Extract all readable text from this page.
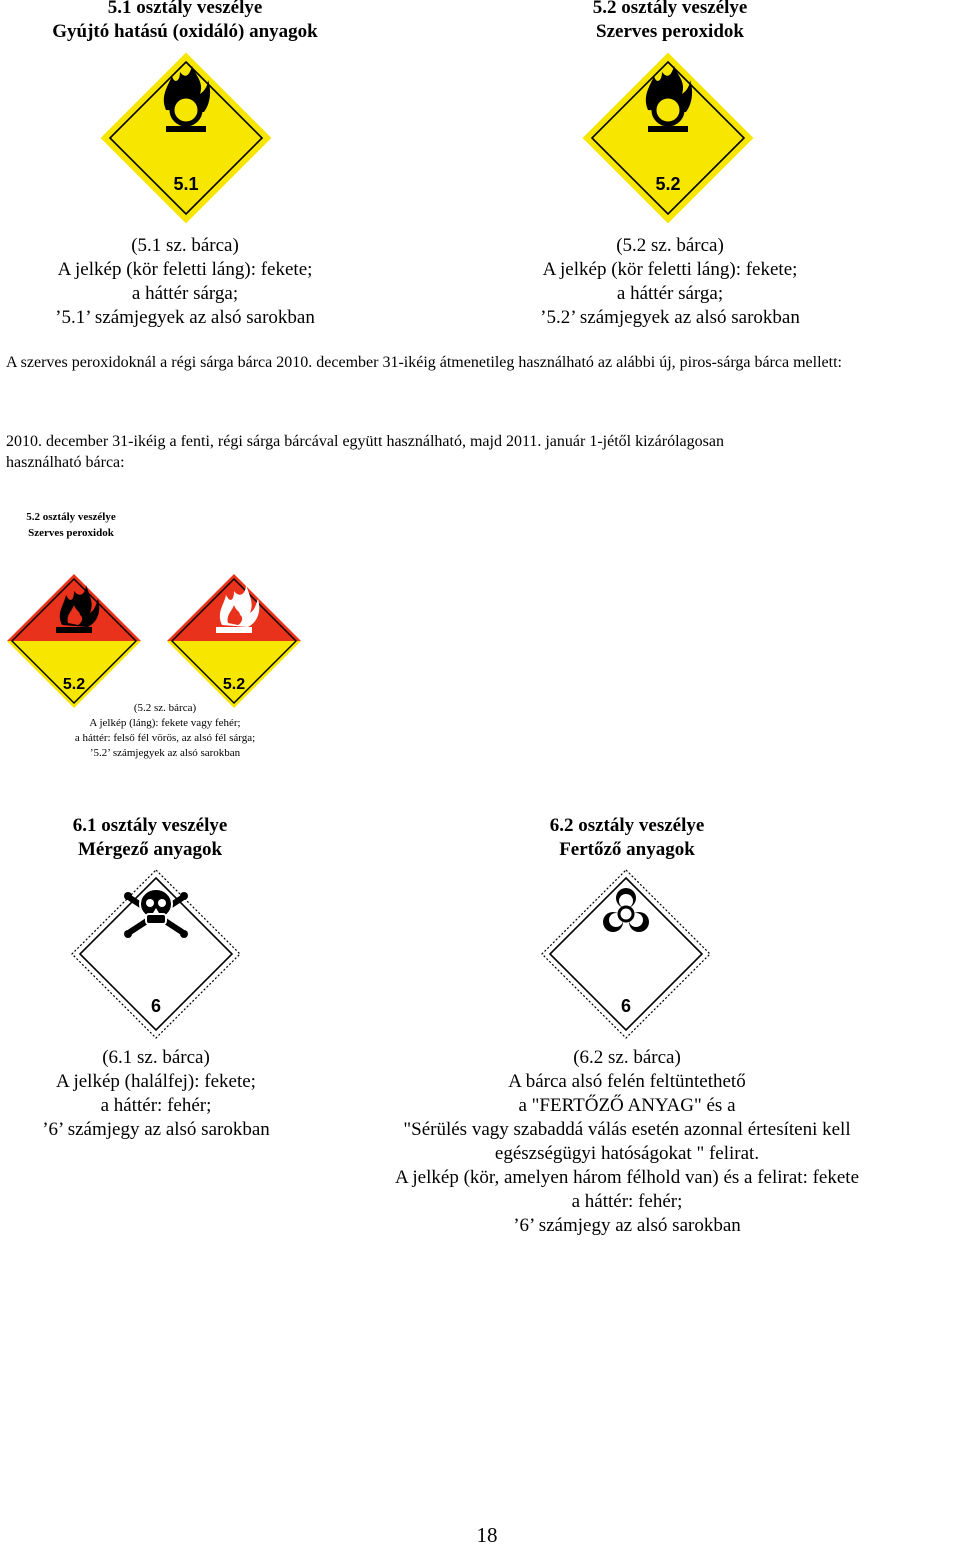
5.1 osztály veszélye
Gyújtó hatású (oxidáló) anyagok
5.1
(5.1 sz. bárca)
A jelkép (kör feletti láng): fekete;
a háttér sárga;
’5.1’ számjegyek az alsó sarokban
5.2 osztály veszélye
Szerves peroxidok
5.2
(5.2 sz. bárca)
A jelkép (kör feletti láng): fekete;
a háttér sárga;
’5.2’ számjegyek az alsó sarokban
A szerves peroxidoknál a régi sárga bárca 2010. december 31-ikéig átmenetileg használható az alábbi új, piros-sárga bárca mellett:
2010. december 31-ikéig a fenti, régi sárga bárcával együtt használható, majd 2011. január 1-jétől kizárólagosan
használható bárca:
5.2 osztály veszélye
Szerves peroxidok
5.2	5.2
(5.2 sz. bárca)
A jelkép (láng): fekete vagy fehér;
a háttér: felső fél vörös, az alsó fél sárga;
’5.2’ számjegyek az alsó sarokban
6.1 osztály veszélye
Mérgező anyagok
6
(6.1 sz. bárca)
A jelkép (halálfej): fekete;
a háttér: fehér;
’6’ számjegy az alsó sarokban
6.2 osztály veszélye
Fertőző anyagok
6
(6.2 sz. bárca)
A bárca alsó felén feltüntethető
a "FERTŐZŐ ANYAG" és a
"Sérülés vagy szabaddá válás esetén azonnal értesíteni kell
egészségügyi hatóságokat " felirat.
A jelkép (kör, amelyen három félhold van) és a felirat: fekete
a háttér: fehér;
’6’ számjegy az alsó sarokban
18
